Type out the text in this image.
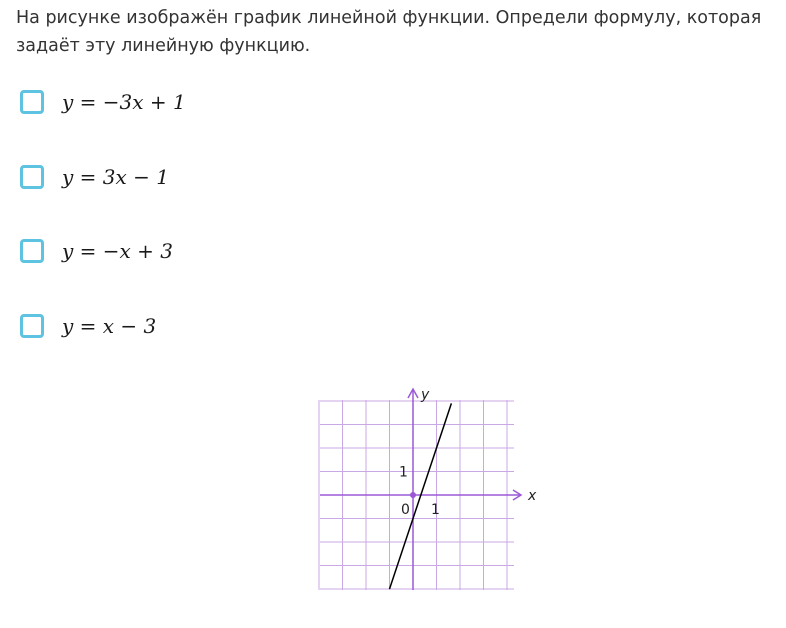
На рисунке изображён график линейной функции. Определи формулу, которая задаёт эту линейную функцию.

y = −3x + 1
y = 3x − 1
y = −x + 3
y = x − 3
x
y
0 1
1
